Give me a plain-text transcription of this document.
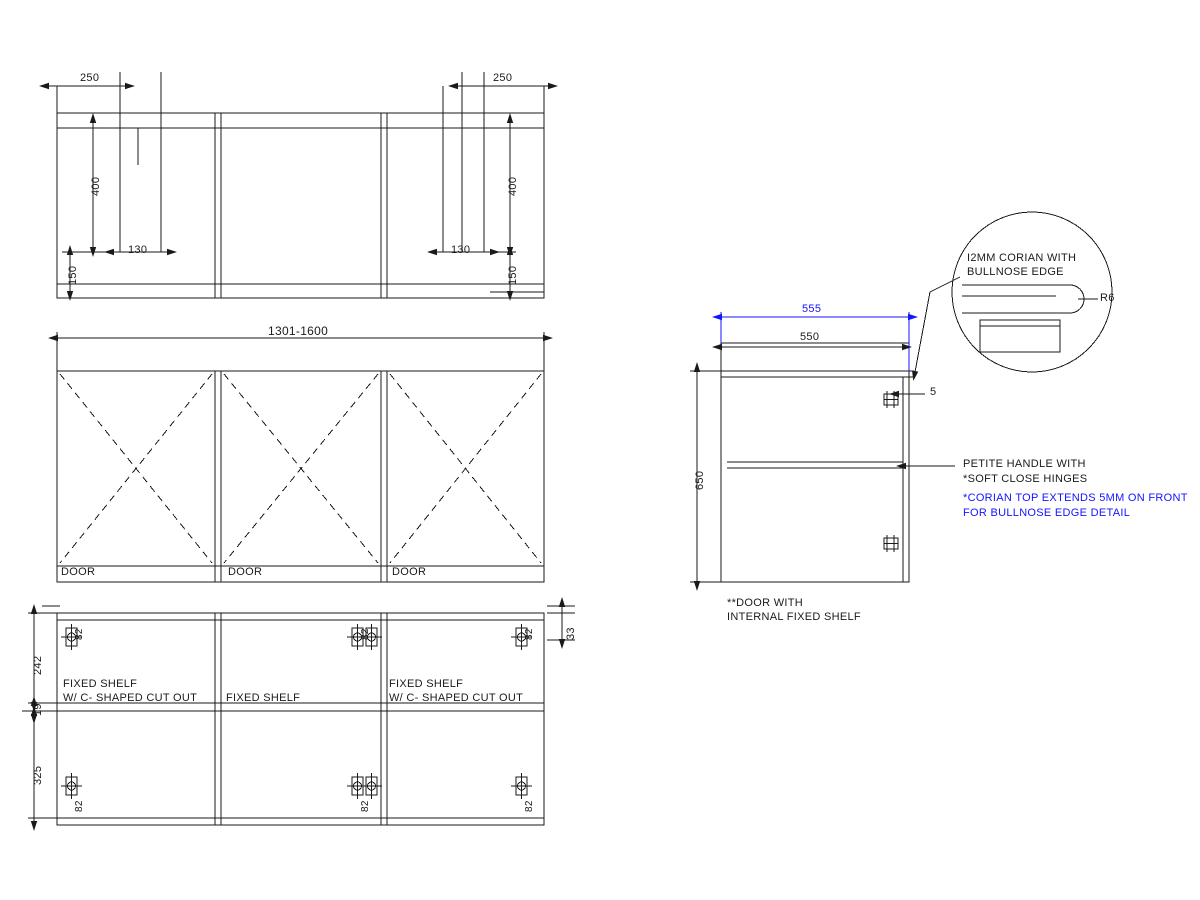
250	250
400	400
150	150
130	130
1301-1600
DOOR	DOOR	DOOR
242
19
325
33
82	82	82
82	82	82
FIXED SHELF
W/ C- SHAPED CUT OUT	FIXED SHELF
FIXED SHELF
W/ C- SHAPED CUT OUT
555
550
650
5
PETITE HANDLE WITH
*SOFT CLOSE HINGES
*CORIAN TOP EXTENDS 5MM ON FRONT
FOR BULLNOSE EDGE DETAIL
**DOOR WITH
INTERNAL FIXED SHELF
I2MM CORIAN WITH
BULLNOSE EDGE
R6
